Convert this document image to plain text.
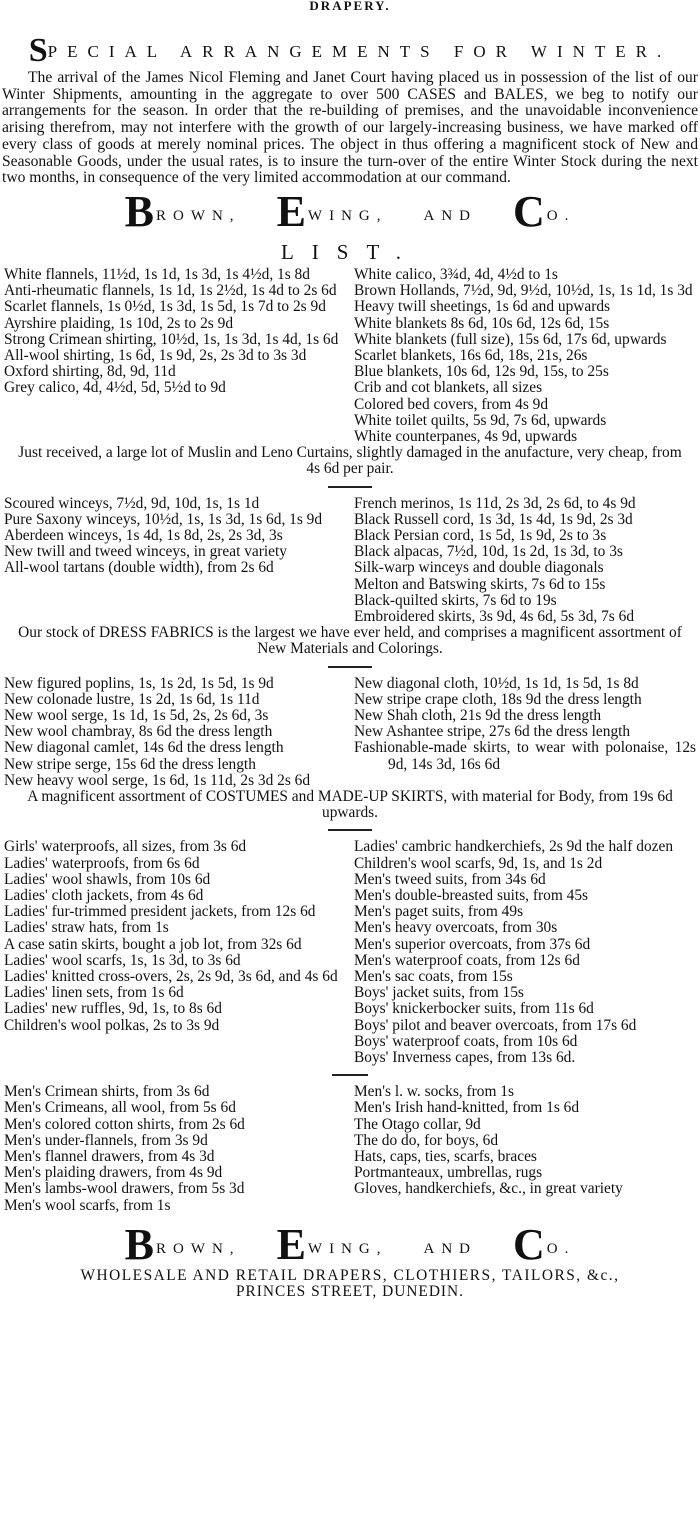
DRAPERY.
SPECIAL ARRANGEMENTS FOR WINTER.

The arrival of the James Nicol Fleming and Janet Court having placed us in possession of the list of our Winter Shipments, amounting in the aggregate to over 500 CASES and BALES, we beg to notify our arrangements for the season. In order that the re-building of premises, and the unavoidable inconvenience arising therefrom, may not interfere with the growth of our largely-increasing business, we have marked off every class of goods at merely nominal prices. The object in thus offering a magnificent stock of New and Seasonable Goods, under the usual rates, is to insure the turn-over of the entire Winter Stock during the next two months, in consequence of the very limited accommodation at our command.

BROWN, EWING, AND CO.
LIST.
White flannels, 11½d, 1s 1d, 1s 3d, 1s 4½d, 1s 8d
Anti-rheumatic flannels, 1s 1d, 1s 2½d, 1s 4d to 2s 6d
Scarlet flannels, 1s 0½d, 1s 3d, 1s 5d, 1s 7d to 2s 9d
Ayrshire plaiding, 1s 10d, 2s to 2s 9d
Strong Crimean shirting, 10½d, 1s, 1s 3d, 1s 4d, 1s 6d
All-wool shirting, 1s 6d, 1s 9d, 2s, 2s 3d to 3s 3d
Oxford shirting, 8d, 9d, 11d
Grey calico, 4d, 4½d, 5d, 5½d to 9d
White calico, 3¾d, 4d, 4½d to 1s
Brown Hollands, 7½d, 9d, 9½d, 10½d, 1s, 1s 1d, 1s 3d
Heavy twill sheetings, 1s 6d and upwards
White blankets 8s 6d, 10s 6d, 12s 6d, 15s
White blankets (full size), 15s 6d, 17s 6d, upwards
Scarlet blankets, 16s 6d, 18s, 21s, 26s
Blue blankets, 10s 6d, 12s 9d, 15s, to 25s
Crib and cot blankets, all sizes
Colored bed covers, from 4s 9d
White toilet quilts, 5s 9d, 7s 6d, upwards
White counterpanes, 4s 9d, upwards
Just received, a large lot of Muslin and Leno Curtains, slightly damaged in the anufacture, very cheap, from 4s 6d per pair.
Scoured winceys, 7½d, 9d, 10d, 1s, 1s 1d
Pure Saxony winceys, 10½d, 1s, 1s 3d, 1s 6d, 1s 9d
Aberdeen winceys, 1s 4d, 1s 8d, 2s, 2s 3d, 3s
New twill and tweed winceys, in great variety
All-wool tartans (double width), from 2s 6d
French merinos, 1s 11d, 2s 3d, 2s 6d, to 4s 9d
Black Russell cord, 1s 3d, 1s 4d, 1s 9d, 2s 3d
Black Persian cord, 1s 5d, 1s 9d, 2s to 3s
Black alpacas, 7½d, 10d, 1s 2d, 1s 3d, to 3s
Silk-warp winceys and double diagonals
Melton and Batswing skirts, 7s 6d to 15s
Black-quilted skirts, 7s 6d to 19s
Embroidered skirts, 3s 9d, 4s 6d, 5s 3d, 7s 6d
Our stock of DRESS FABRICS is the largest we have ever held, and comprises a magnificent assortment of New Materials and Colorings.
New figured poplins, 1s, 1s 2d, 1s 5d, 1s 9d
New colonade lustre, 1s 2d, 1s 6d, 1s 11d
New wool serge, 1s 1d, 1s 5d, 2s, 2s 6d, 3s
New wool chambray, 8s 6d the dress length
New diagonal camlet, 14s 6d the dress length
New stripe serge, 15s 6d the dress length
New heavy wool serge, 1s 6d, 1s 11d, 2s 3d 2s 6d
New diagonal cloth, 10½d, 1s 1d, 1s 5d, 1s 8d
New stripe crape cloth, 18s 9d the dress length
New Shah cloth, 21s 9d the dress length
New Ashantee stripe, 27s 6d the dress length
Fashionable-made skirts, to wear with polonaise, 12s 9d, 14s 3d, 16s 6d
A magnificent assortment of COSTUMES and MADE-UP SKIRTS, with material for Body, from 19s 6d upwards.
Girls' waterproofs, all sizes, from 3s 6d
Ladies' waterproofs, from 6s 6d
Ladies' wool shawls, from 10s 6d
Ladies' cloth jackets, from 4s 6d
Ladies' fur-trimmed president jackets, from 12s 6d
Ladies' straw hats, from 1s
A case satin skirts, bought a job lot, from 32s 6d
Ladies' wool scarfs, 1s, 1s 3d, to 3s 6d
Ladies' knitted cross-overs, 2s, 2s 9d, 3s 6d, and 4s 6d
Ladies' linen sets, from 1s 6d
Ladies' new ruffles, 9d, 1s, to 8s 6d
Children's wool polkas, 2s to 3s 9d
Ladies' cambric handkerchiefs, 2s 9d the half dozen
Children's wool scarfs, 9d, 1s, and 1s 2d
Men's tweed suits, from 34s 6d
Men's double-breasted suits, from 45s
Men's paget suits, from 49s
Men's heavy overcoats, from 30s
Men's superior overcoats, from 37s 6d
Men's waterproof coats, from 12s 6d
Men's sac coats, from 15s
Boys' jacket suits, from 15s
Boys' knickerbocker suits, from 11s 6d
Boys' pilot and beaver overcoats, from 17s 6d
Boys' waterproof coats, from 10s 6d
Boys' Inverness capes, from 13s 6d.
Men's Crimean shirts, from 3s 6d
Men's Crimeans, all wool, from 5s 6d
Men's colored cotton shirts, from 2s 6d
Men's under-flannels, from 3s 9d
Men's flannel drawers, from 4s 3d
Men's plaiding drawers, from 4s 9d
Men's lambs-wool drawers, from 5s 3d
Men's wool scarfs, from 1s
Men's l. w. socks, from 1s
Men's Irish hand-knitted, from 1s 6d
The Otago collar, 9d
The do do, for boys, 6d
Hats, caps, ties, scarfs, braces
Portmanteaux, umbrellas, rugs
Gloves, handkerchiefs, &c., in great variety
BROWN, EWING, AND CO.
WHOLESALE AND RETAIL DRAPERS, CLOTHIERS, TAILORS, &c.,
PRINCES STREET, DUNEDIN.
